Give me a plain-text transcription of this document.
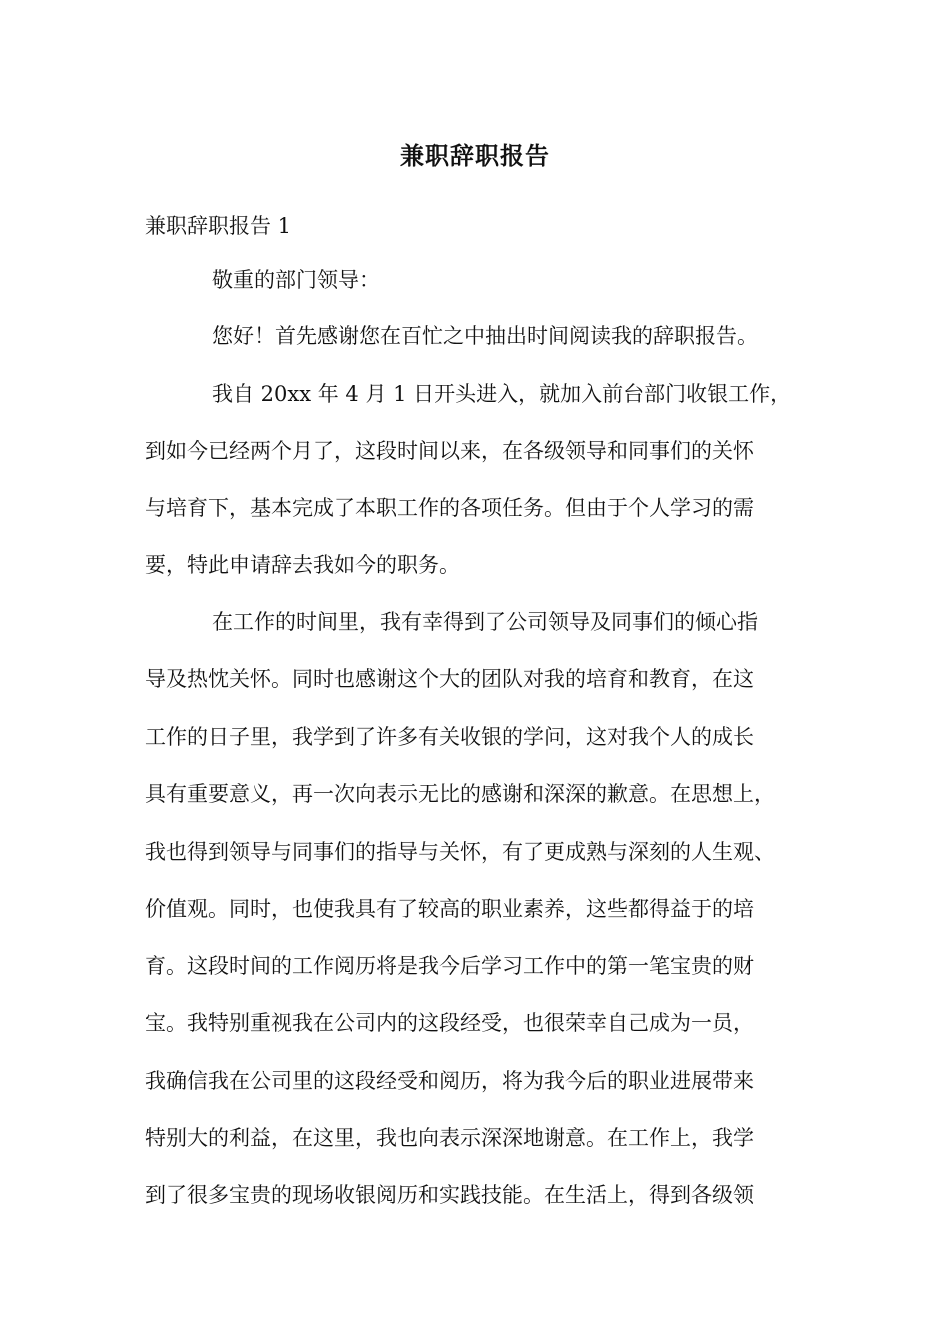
兼职辞职报告

兼职辞职报告 1

敬重的部门领导：

您好！首先感谢您在百忙之中抽出时间阅读我的辞职报告。

我自 20xx 年 4 月 1 日开头进入，就加入前台部门收银工作，

到如今已经两个月了，这段时间以来，在各级领导和同事们的关怀

与培育下，基本完成了本职工作的各项任务。但由于个人学习的需

要，特此申请辞去我如今的职务。

在工作的时间里，我有幸得到了公司领导及同事们的倾心指

导及热忱关怀。同时也感谢这个大的团队对我的培育和教育，在这

工作的日子里，我学到了许多有关收银的学问，这对我个人的成长

具有重要意义，再一次向表示无比的感谢和深深的歉意。在思想上，

我也得到领导与同事们的指导与关怀，有了更成熟与深刻的人生观、

价值观。同时，也使我具有了较高的职业素养，这些都得益于的培

育。这段时间的工作阅历将是我今后学习工作中的第一笔宝贵的财

宝。我特别重视我在公司内的这段经受，也很荣幸自己成为一员，

我确信我在公司里的这段经受和阅历，将为我今后的职业进展带来

特别大的利益，在这里，我也向表示深深地谢意。在工作上，我学

到了很多宝贵的现场收银阅历和实践技能。在生活上，得到各级领
